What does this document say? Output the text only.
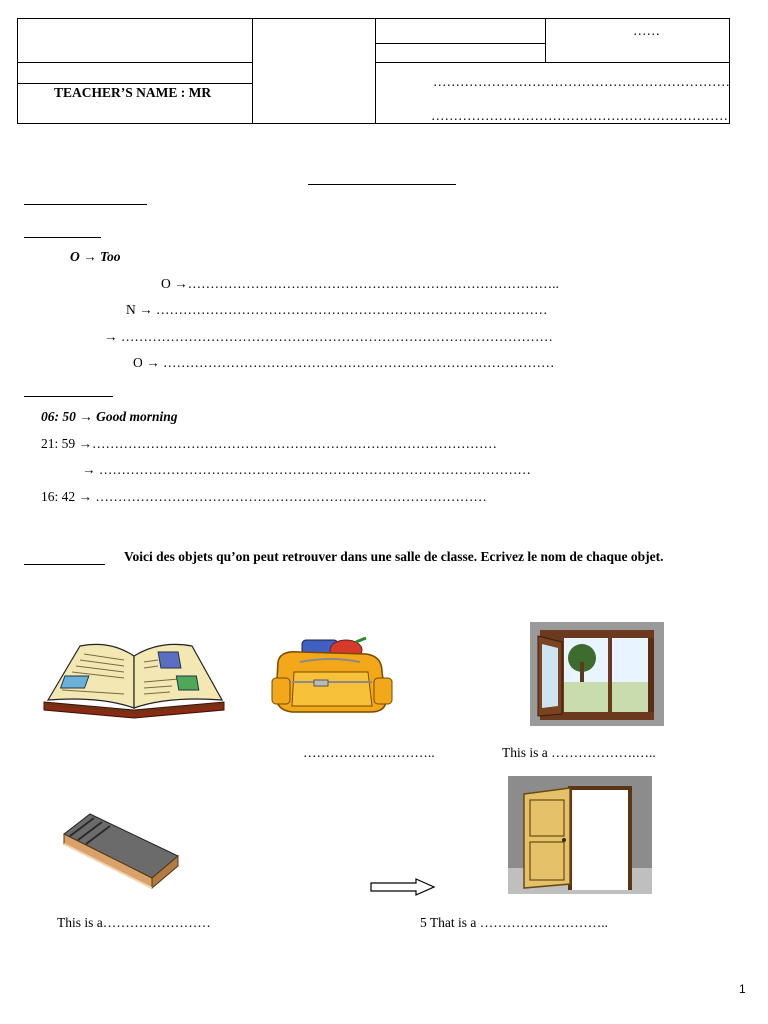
TEACHER’S NAME : MR
……
…………………………………………………………
…………………………………………………………
O → Too
O →………………………………………………………………………..
N → ……………………………………………………………………………
→ ……………………………………………………………………………………
O → ……………………………………………………………………………
06: 50 → Good morning
21: 59 →………………………………………………………………………………
→ ……………………………………………………………………………………
16: 42 → ……………………………………………………………………………
Voici des objets qu’on peut retrouver dans une salle de classe. Ecrivez le nom de chaque objet.
……………….………..	This is a ……………….…..
This is a……………………	5 That is a ………………………..
1
